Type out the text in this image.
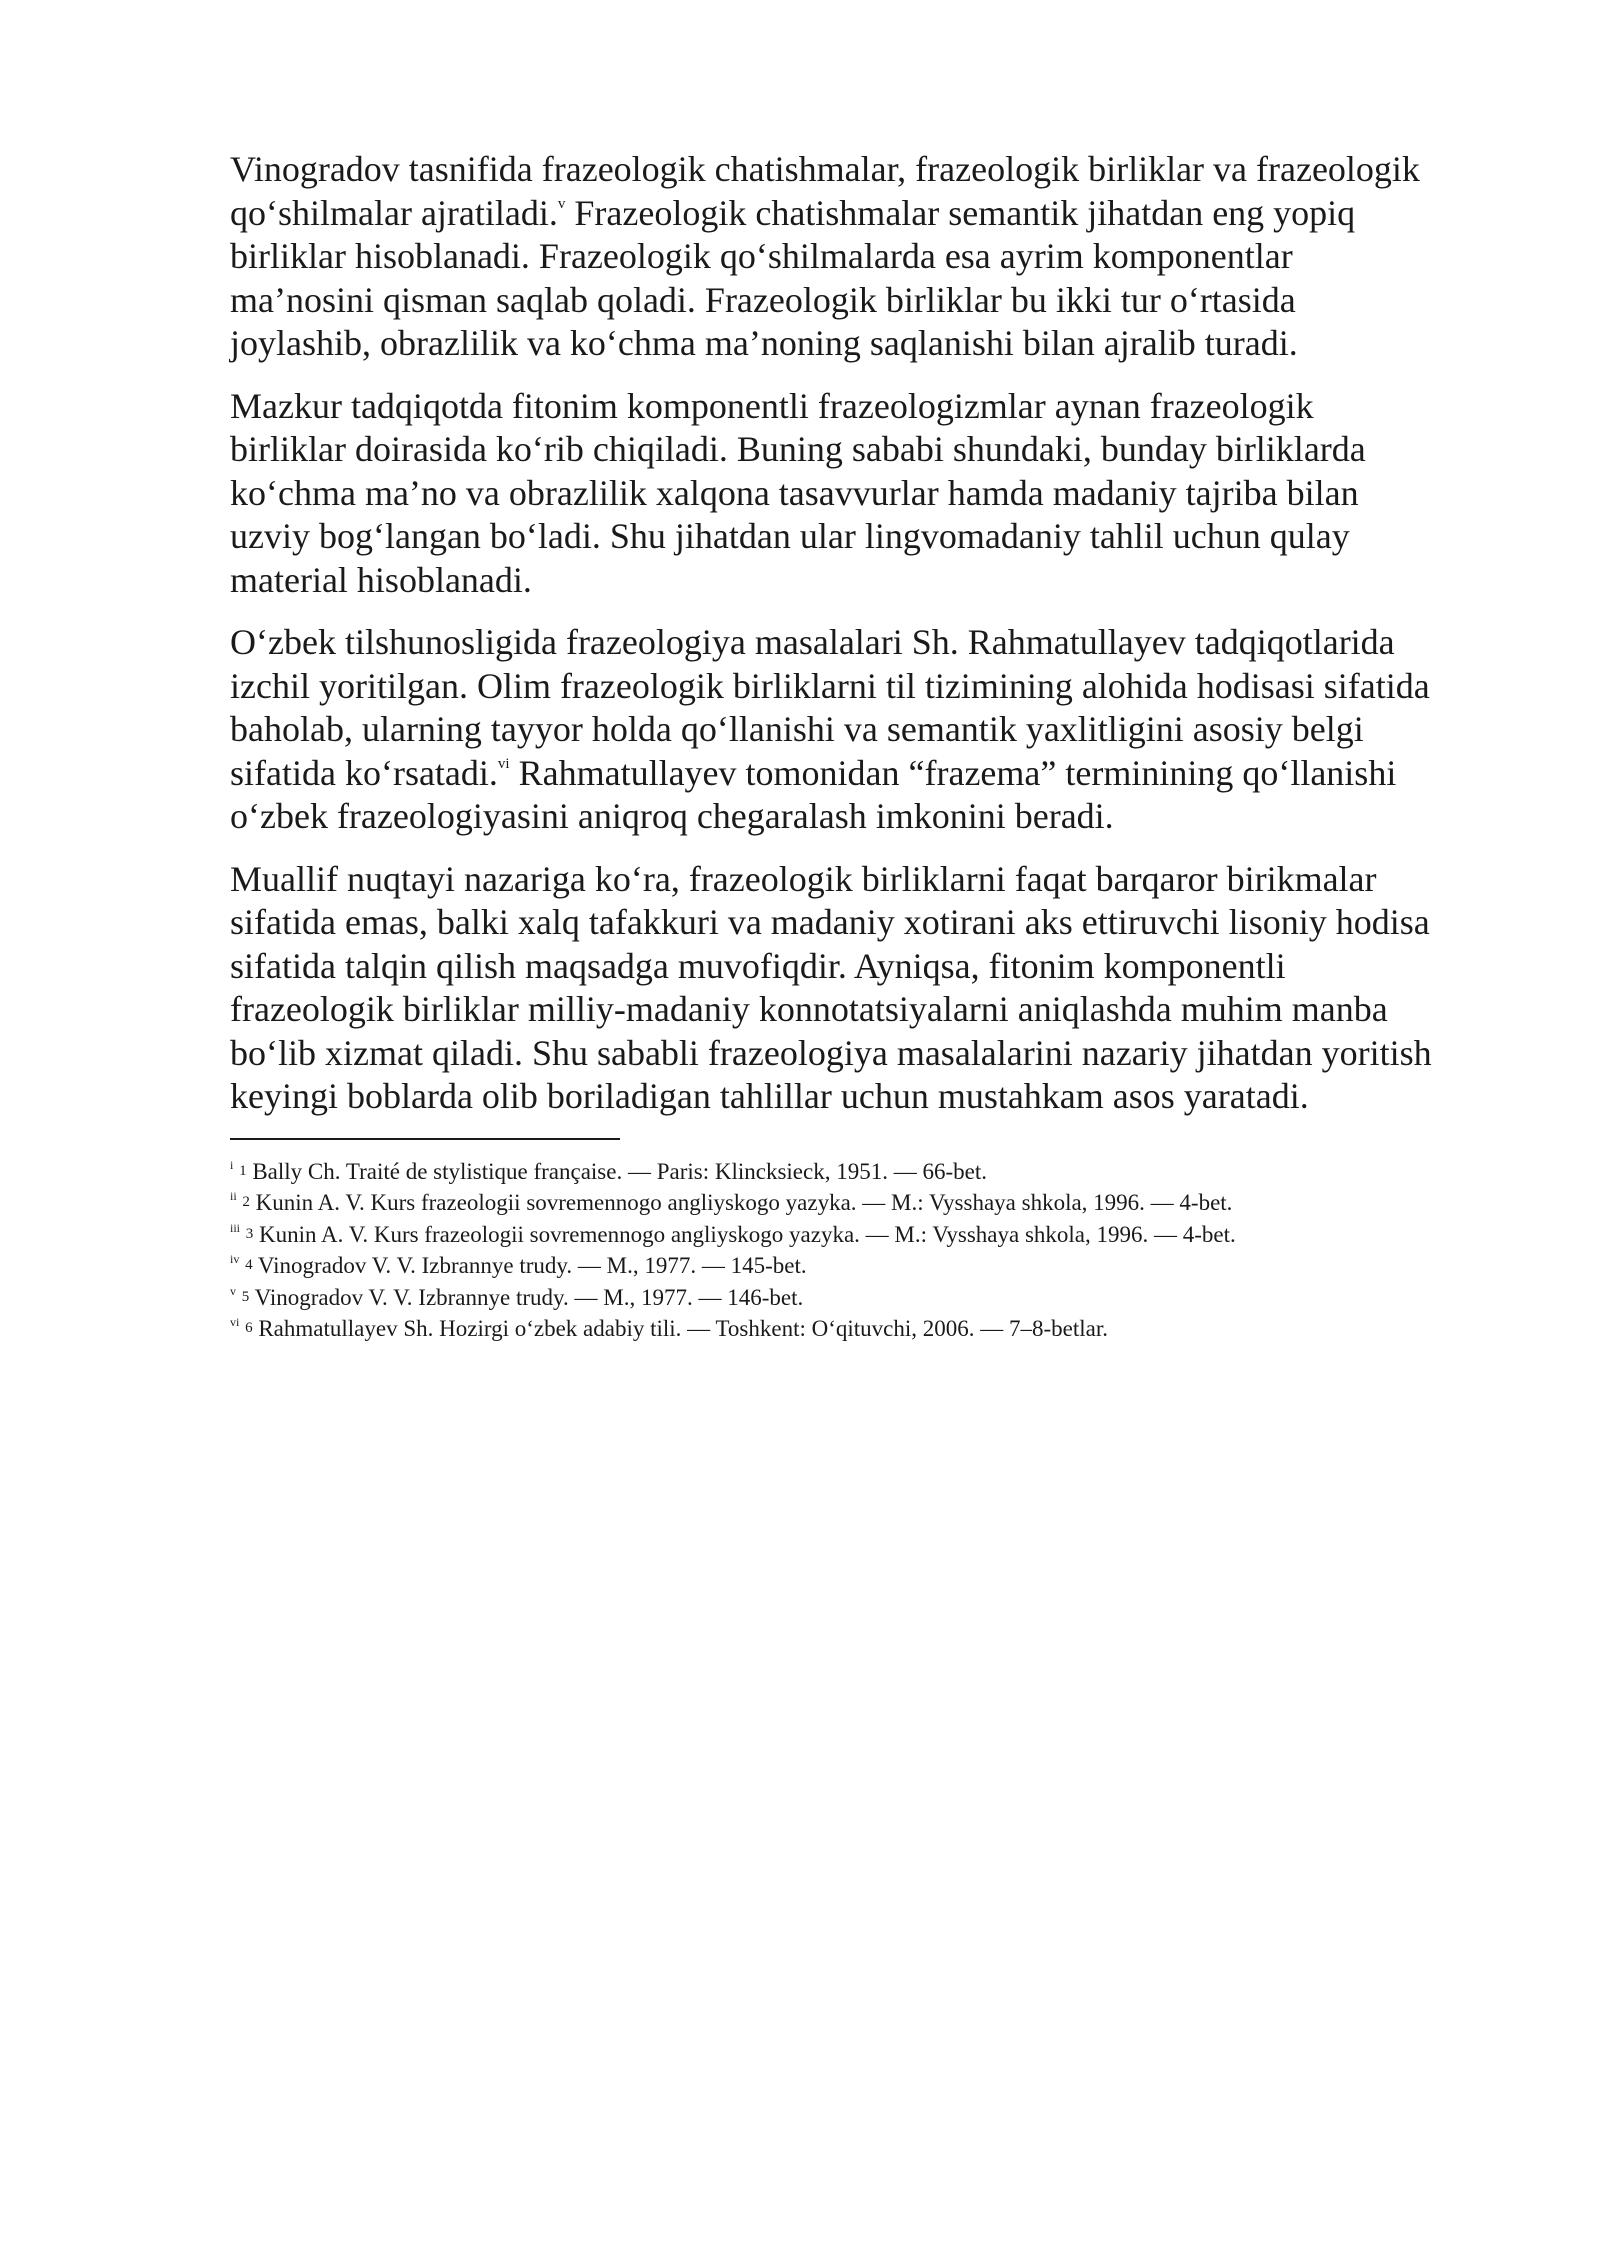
Vinogradov tasnifida frazeologik chatishmalar, frazeologik birliklar va frazeologik
qo‘shilmalar ajratiladi.$^v$ Frazeologik chatishmalar semantik jihatdan eng yopiq
birliklar hisoblanadi. Frazeologik qo‘shilmalarda esa ayrim komponentlar
ma’nosini qisman saqlab qoladi. Frazeologik birliklar bu ikki tur o‘rtasida
joylashib, obrazlilik va ko‘chma ma’noning saqlanishi bilan ajralib turadi.

Mazkur tadqiqotda fitonim komponentli frazeologizmlar aynan frazeologik
birliklar doirasida ko‘rib chiqiladi. Buning sababi shundaki, bunday birliklarda
ko‘chma ma’no va obrazlilik xalqona tasavvurlar hamda madaniy tajriba bilan
uzviy bog‘langan bo‘ladi. Shu jihatdan ular lingvomadaniy tahlil uchun qulay
material hisoblanadi.

O‘zbek tilshunosligida frazeologiya masalalari Sh. Rahmatullayev tadqiqotlarida
izchil yoritilgan. Olim frazeologik birliklarni til tizimining alohida hodisasi sifatida
baholab, ularning tayyor holda qo‘llanishi va semantik yaxlitligini asosiy belgi
sifatida ko‘rsatadi.$^{vi}$ Rahmatullayev tomonidan “frazema” terminining qo‘llanishi
o‘zbek frazeologiyasini aniqroq chegaralash imkonini beradi.

Muallif nuqtayi nazariga ko‘ra, frazeologik birliklarni faqat barqaror birikmalar
sifatida emas, balki xalq tafakkuri va madaniy xotirani aks ettiruvchi lisoniy hodisa
sifatida talqin qilish maqsadga muvofiqdir. Ayniqsa, fitonim komponentli
frazeologik birliklar milliy-madaniy konnotatsiyalarni aniqlashda muhim manba
bo‘lib xizmat qiladi. Shu sababli frazeologiya masalalarini nazariy jihatdan yoritish
keyingi boblarda olib boriladigan tahlillar uchun mustahkam asos yaratadi.

$^i$ 1 Bally Ch. Traité de stylistique française. — Paris: Klincksieck, 1951. — 66-bet.
$^{ii}$ 2 Kunin A. V. Kurs frazeologii sovremennogo angliyskogo yazyka. — M.: Vysshaya shkola, 1996. — 4-bet.
$^{iii}$ 3 Kunin A. V. Kurs frazeologii sovremennogo angliyskogo yazyka. — M.: Vysshaya shkola, 1996. — 4-bet.
$^{iv}$ 4 Vinogradov V. V. Izbrannye trudy. — M., 1977. — 145-bet.
$^v$ 5 Vinogradov V. V. Izbrannye trudy. — M., 1977. — 146-bet.
$^{vi}$ 6 Rahmatullayev Sh. Hozirgi o‘zbek adabiy tili. — Toshkent: O‘qituvchi, 2006. — 7–8-betlar.
